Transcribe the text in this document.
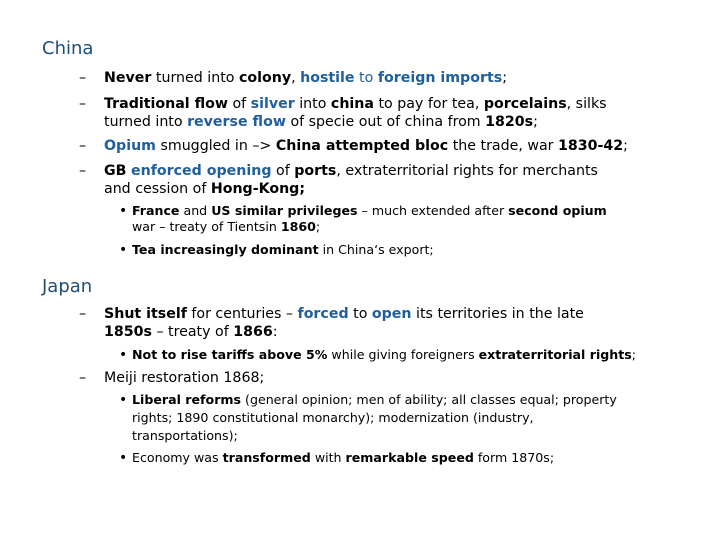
China
– Never turned into colony, hostile to foreign imports;
– Traditional flow of silver into china to pay for tea, porcelains, silks
turned into reverse flow of specie out of china from 1820s;
– Opium smuggled in –> China attempted bloc the trade, war 1830-42;
– GB enforced opening of ports, extraterritorial rights for merchants
and cession of Hong-Kong;
• France and US similar privileges – much extended after second opium
war – treaty of Tientsin 1860;
• Tea increasingly dominant in China‘s export;
Japan
– Shut itself for centuries – forced to open its territories in the late
1850s – treaty of 1866:
• Not to rise tariffs above 5% while giving foreigners extraterritorial rights;
– Meiji restoration 1868;
• Liberal reforms (general opinion; men of ability; all classes equal; property
rights; 1890 constitutional monarchy); modernization (industry,
transportations);
• Economy was transformed with remarkable speed form 1870s;
